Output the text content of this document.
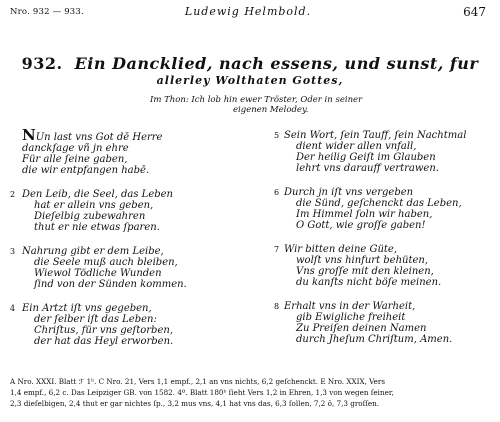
Nro. 932 — 933.	Ludewig Helmbold.	647
932. Ein Dancklied, nach essens, und sunst, fur
allerley Wolthaten Gottes,
Im Thon: Ich lob hin ewer Tröster, Oder in seiner
eigenen Melodey.
NUn last vns Got dē Herre
danckſage vñ jn ehre
Für alle ſeine gaben,
die wir entpfangen habē.
2 Den Leib, die Seel, das Leben
hat er allein vns geben,
Dieſelbig zubewahren
thut er nie etwas ſparen.
3 Nahrung gibt er dem Leibe,
die Seele muß auch bleiben,
Wiewol Tödliche Wunden
ſind von der Sünden kommen.
4 Ein Artzt iſt vns gegeben,
der ſelber iſt das Leben:
Chriſtus, für vns geſtorben,
der hat das Heyl erworben.
5 Sein Wort, ſein Tauff, ſein Nachtmal
dient wider allen vnfall,
Der heilig Geiſt im Glauben
lehrt vns darauff vertrawen.
6 Durch jn iſt vns vergeben
die Sünd, geſchenckt das Leben,
Im Himmel ſoln wir haben,
O Gott, wie groſſe gaben!
7 Wir bitten deine Güte,
wolſt vns hinfurt behüten,
Vns groſſe mit den kleinen,
du kanſts nicht böſe meinen.
8 Erhalt vns in der Warheit,
gib Ewigliche freiheit
Zu Preiſen deinen Namen
durch Jheſum Chriſtum, Amen.
A Nro. XXXI. Blatt ℱ 1ᵇ. C Nro. 21, Vers 1,1 empf., 2,1 an vns nichts, 6,2 geſchenckt. E Nro. XXIX, Vers
1,4 empf., 6,2 c. Das Leipziger GB. von 1582. 4º. Blatt 180ᵇ ſieht Vers 1,2 in Ehren, 1,3 von wegen ſeiner,
2,3 dieſelbigen, 2,4 thut er gar nichtes ſp., 3,2 mus vns, 4,1 hat vns das, 6,3 ſollen, 7,2 ô, 7,3 groſſen.
